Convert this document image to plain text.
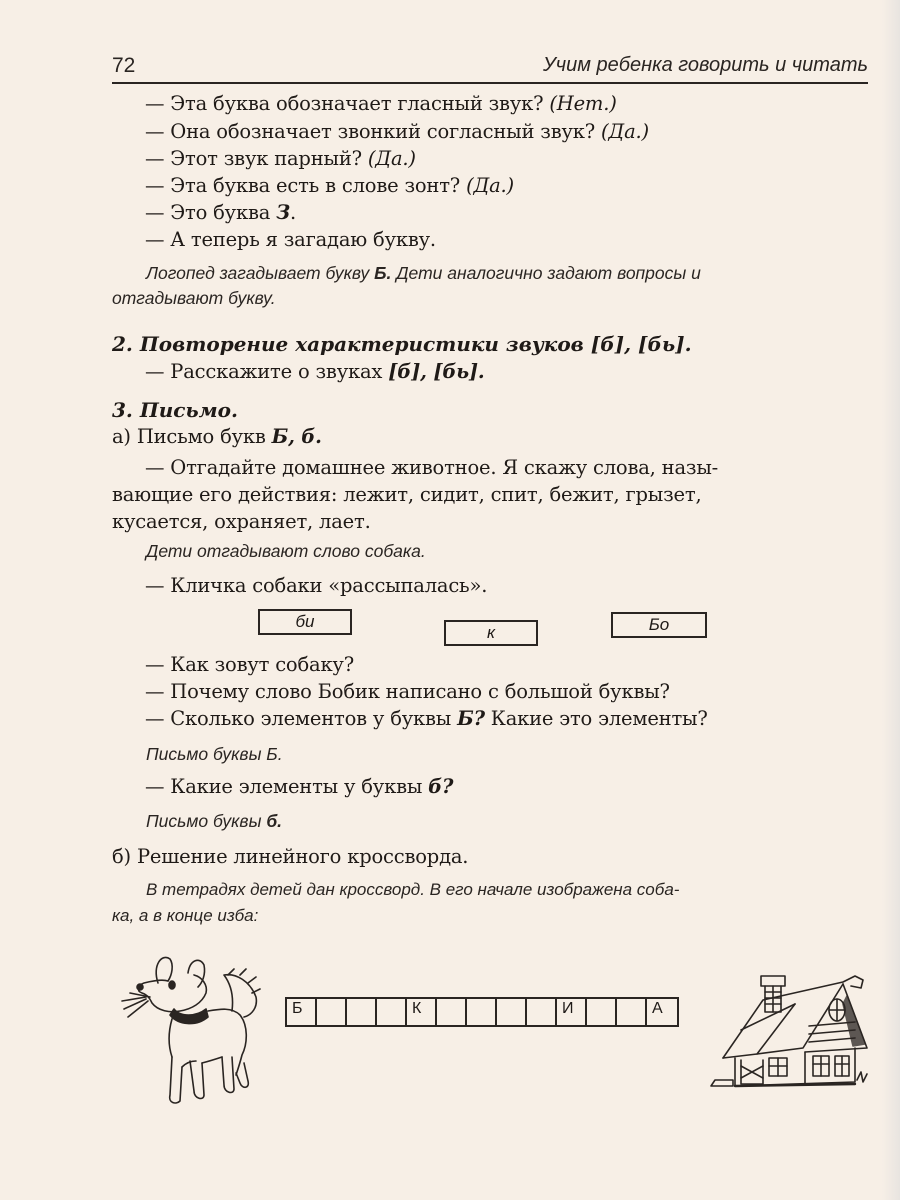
72	Учим ребенка говорить и читать
— Эта буква обозначает гласный звук? (Нет.)
— Она обозначает звонкий согласный звук? (Да.)
— Этот звук парный? (Да.)
— Эта буква есть в слове зонт? (Да.)
— Это буква З.
— А теперь я загадаю букву.
Логопед загадывает букву Б. Дети аналогично задают вопросы и
отгадывают букву.
2. Повторение характеристики звуков [б], [бь].
— Расскажите о звуках [б], [бь].
3. Письмо.
а) Письмо букв Б, б.
— Отгадайте домашнее животное. Я скажу слова, назы-
вающие его действия: лежит, сидит, спит, бежит, грызет,
кусается, охраняет, лает.
Дети отгадывают слово собака.
— Кличка собаки «рассыпалась».
би
к	Бо
— Как зовут собаку?
— Почему слово Бобик написано с большой буквы?
— Сколько элементов у буквы Б? Какие это элементы?
Письмо буквы Б.
— Какие элементы у буквы б?
Письмо буквы б.
б) Решение линейного кроссворда.
В тетрадях детей дан кроссворд. В его начале изображена соба-
ка, а в конце изба:
Б	К	И	А
